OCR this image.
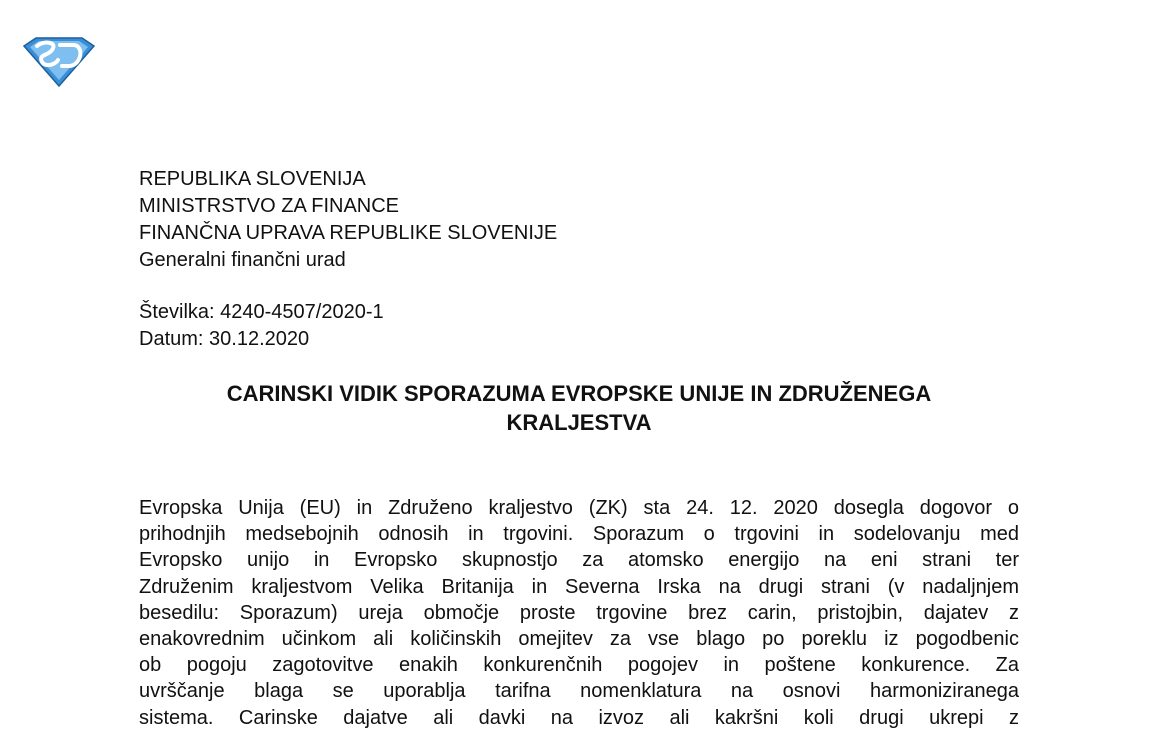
REPUBLIKA SLOVENIJA
MINISTRSTVO ZA FINANCE
FINANČNA UPRAVA REPUBLIKE SLOVENIJE
Generalni finančni urad
Številka: 4240-4507/2020-1
Datum: 30.12.2020
CARINSKI VIDIK SPORAZUMA EVROPSKE UNIJE IN ZDRUŽENEGA
KRALJESTVA
Evropska Unija (EU) in Združeno kraljestvo (ZK) sta 24. 12. 2020 dosegla dogovor o
prihodnjih medsebojnih odnosih in trgovini. Sporazum o trgovini in sodelovanju med
Evropsko unijo in Evropsko skupnostjo za atomsko energijo na eni strani ter
Združenim kraljestvom Velika Britanija in Severna Irska na drugi strani (v nadaljnjem
besedilu: Sporazum) ureja območje proste trgovine brez carin, pristojbin, dajatev z
enakovrednim učinkom ali količinskih omejitev za vse blago po poreklu iz pogodbenic
ob pogoju zagotovitve enakih konkurenčnih pogojev in poštene konkurence. Za
uvrščanje blaga se uporablja tarifna nomenklatura na osnovi harmoniziranega
sistema. Carinske dajatve ali davki na izvoz ali kakršni koli drugi ukrepi z
